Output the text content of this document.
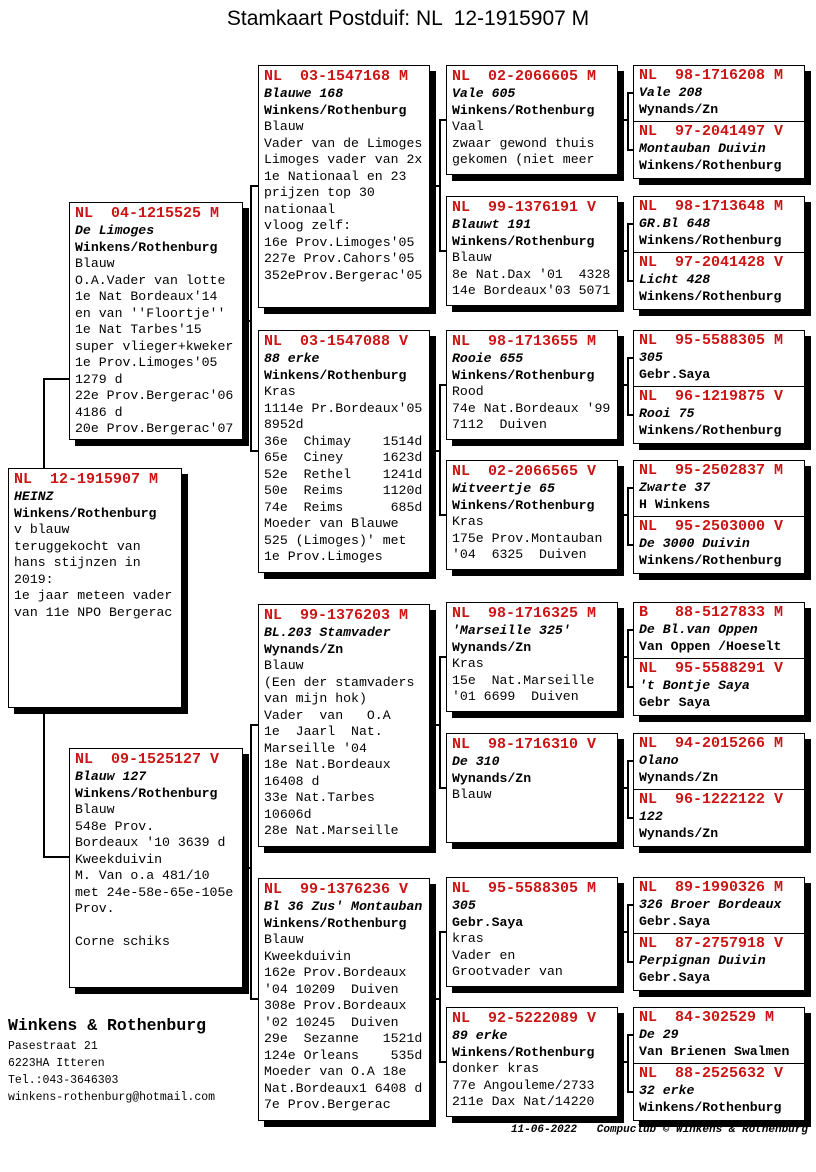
Stamkaart Postduif: NL  12-1915907 M
NL  12-1915907 M
HEINZ
Winkens/Rothenburg
v blauw
teruggekocht van
hans stijnzen in
2019:
1e jaar meteen vader
van 11e NPO Bergerac
NL  04-1215525 M
De Limoges
Winkens/Rothenburg
Blauw
O.A.Vader van lotte
1e Nat Bordeaux'14
en van ''Floortje''
1e Nat Tarbes'15
super vlieger+kweker
1e Prov.Limoges'05
1279 d
22e Prov.Bergerac'06
4186 d
20e Prov.Bergerac'07
NL  09-1525127 V
Blauw 127
Winkens/Rothenburg
Blauw
548e Prov.
Bordeaux '10 3639 d
Kweekduivin
M. Van o.a 481/10
met 24e-58e-65e-105e
Prov.

Corne schiks
NL  03-1547168 M
Blauwe 168
Winkens/Rothenburg
Blauw
Vader van de Limoges
Limoges vader van 2x
1e Nationaal en 23
prijzen top 30
nationaal
vloog zelf:
16e Prov.Limoges'05
227e Prov.Cahors'05
352eProv.Bergerac'05
NL  03-1547088 V
88 erke
Winkens/Rothenburg
Kras
1114e Pr.Bordeaux'05
8952d
36e  Chimay    1514d
65e  Ciney     1623d
52e  Rethel    1241d
50e  Reims     1120d
74e  Reims      685d
Moeder van Blauwe
525 (Limoges)' met
1e Prov.Limoges
NL  99-1376203 M
BL.203 Stamvader
Wynands/Zn
Blauw
(Een der stamvaders
van mijn hok)
Vader  van   O.A
1e  Jaarl  Nat.
Marseille '04
18e Nat.Bordeaux
16408 d
33e Nat.Tarbes
10606d
28e Nat.Marseille
NL  99-1376236 V
Bl 36 Zus' Montauban
Winkens/Rothenburg
Blauw
Kweekduivin
162e Prov.Bordeaux
'04 10209  Duiven
308e Prov.Bordeaux
'02 10245  Duiven
29e  Sezanne   1521d
124e Orleans    535d
Moeder van O.A 18e
Nat.Bordeaux1 6408 d
7e Prov.Bergerac
NL  02-2066605 M
Vale 605
Winkens/Rothenburg
Vaal
zwaar gewond thuis
gekomen (niet meer
NL  99-1376191 V
Blauwt 191
Winkens/Rothenburg
Blauw
8e Nat.Dax '01  4328
14e Bordeaux'03 5071
NL  98-1713655 M
Rooie 655
Winkens/Rothenburg
Rood
74e Nat.Bordeaux '99
7112  Duiven
NL  02-2066565 V
Witveertje 65
Winkens/Rothenburg
Kras
175e Prov.Montauban
'04  6325  Duiven
NL  98-1716325 M
'Marseille 325'
Wynands/Zn
Kras
15e  Nat.Marseille
'01 6699  Duiven
NL  98-1716310 V
De 310
Wynands/Zn
Blauw
NL  95-5588305 M
305
Gebr.Saya
kras
Vader en
Grootvader van
NL  92-5222089 V
89 erke
Winkens/Rothenburg
donker kras
77e Angouleme/2733
211e Dax Nat/14220
NL  98-1716208 M
Vale 208
Wynands/Zn
NL  97-2041497 V
Montauban Duivin
Winkens/Rothenburg
NL  98-1713648 M
GR.Bl 648
Winkens/Rothenburg
NL  97-2041428 V
Licht 428
Winkens/Rothenburg
NL  95-5588305 M
305
Gebr.Saya
NL  96-1219875 V
Rooi 75
Winkens/Rothenburg
NL  95-2502837 M
Zwarte 37
H Winkens
NL  95-2503000 V
De 3000 Duivin
Winkens/Rothenburg
B   88-5127833 M
De Bl.van Oppen
Van Oppen /Hoeselt
NL  95-5588291 V
't Bontje Saya
Gebr Saya
NL  94-2015266 M
Olano
Wynands/Zn
NL  96-1222122 V
122
Wynands/Zn
NL  89-1990326 M
326 Broer Bordeaux
Gebr.Saya
NL  87-2757918 V
Perpignan Duivin
Gebr.Saya
NL  84-302529 M
De 29
Van Brienen Swalmen
NL  88-2525632 V
32 erke
Winkens/Rothenburg
Winkens & Rothenburg
Pasestraat 21
6223HA Itteren
Tel.:043-3646303
winkens-rothenburg@hotmail.com
11-06-2022   Compuclub © Winkens & Rothenburg
